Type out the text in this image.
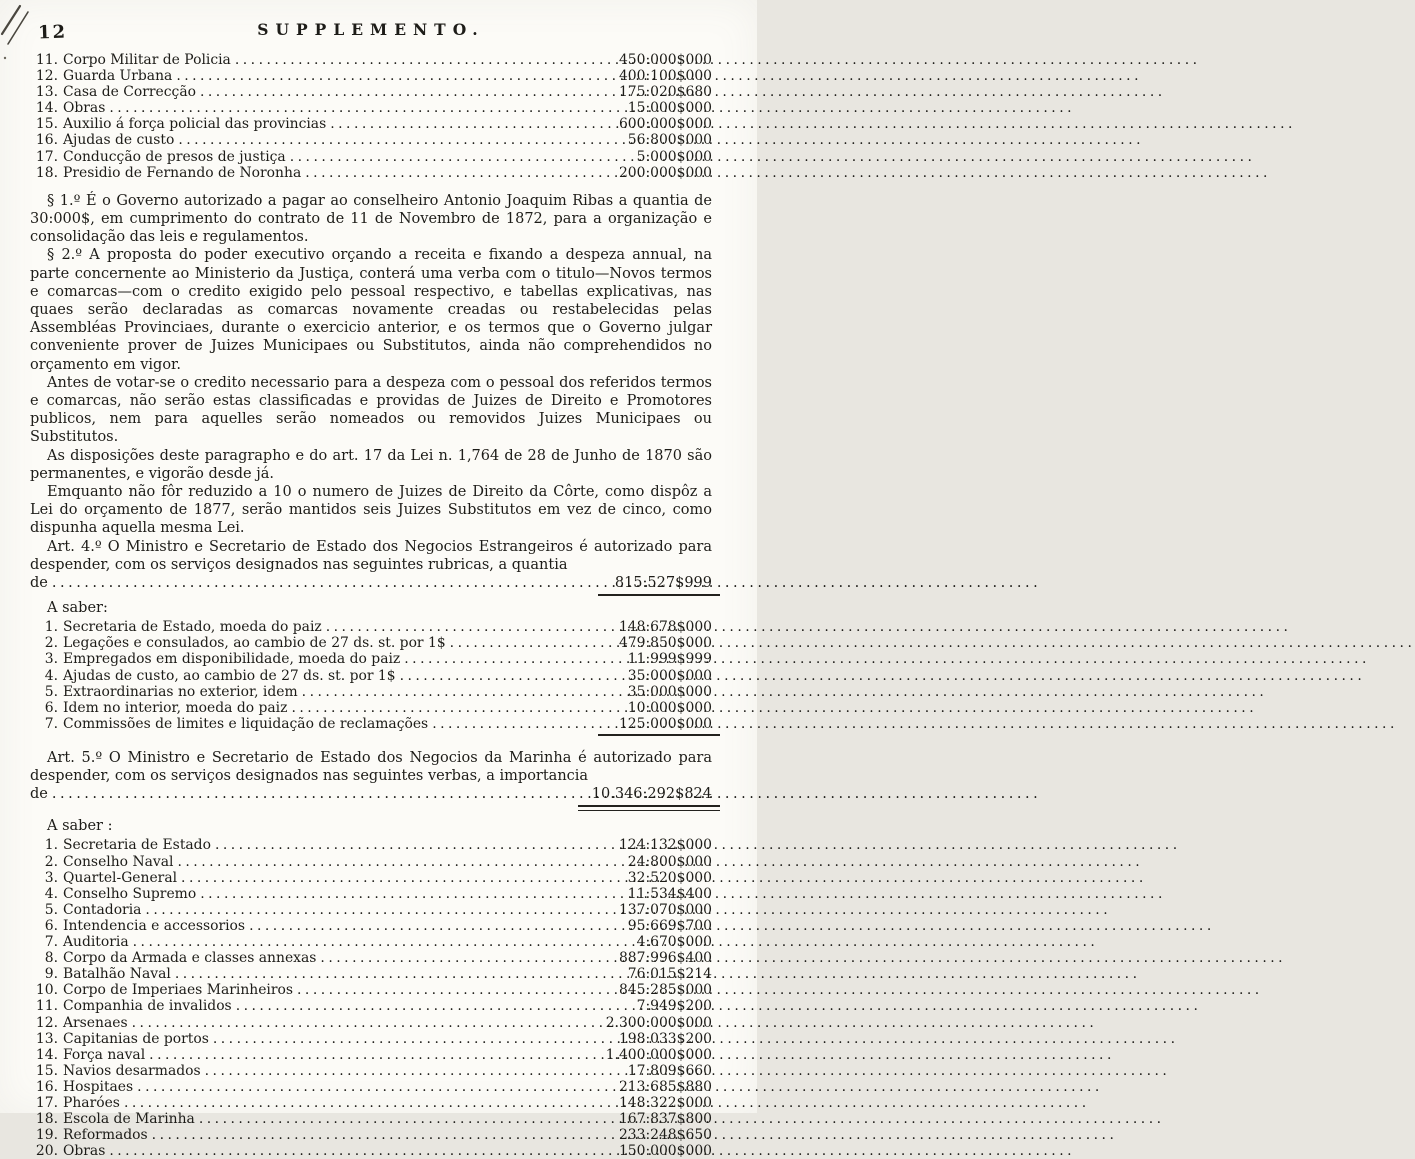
12	SUPPLEMENTO.
11. Corpo Militar de Policia .....	450:000$000
12. Guarda Urbana .....	400:100$000
13. Casa de Correcção .....	175:020$680
14. Obras .....	15:000$000
15. Auxilio á força policial das provincias .....	600:000$000
16. Ajudas de custo .....	56:800$000
17. Conducção de presos de justiça .....	5:000$000
18. Presidio de Fernando de Noronha .....	200:000$000

§ 1.º É o Governo autorizado a pagar ao conselheiro Antonio Joaquim Ribas a quantia de 30:000$, em cumprimento do contrato de 11 de Novembro de 1872, para a organização e consolidação das leis e regulamentos.

§ 2.º A proposta do poder executivo orçando a receita e fixando a despeza annual, na parte concernente ao Ministerio da Justiça, conterá uma verba com o titulo—Novos termos e comarcas—com o credito exigido pelo pessoal respectivo, e tabellas explicativas, nas quaes serão declaradas as comarcas novamente creadas ou restabelecidas pelas Assembléas Provinciaes, durante o exercicio anterior, e os termos que o Governo julgar conveniente prover de Juizes Municipaes ou Substitutos, ainda não comprehendidos no orçamento em vigor.

Antes de votar-se o credito necessario para a despeza com o pessoal dos referidos termos e comarcas, não serão estas classificadas e providas de Juizes de Direito e Promotores publicos, nem para aquelles serão nomeados ou removidos Juizes Municipaes ou Substitutos.

As disposições deste paragrapho e do art. 17 da Lei n. 1,764 de 28 de Junho de 1870 são permanentes, e vigorão desde já.

Emquanto não fôr reduzido a 10 o numero de Juizes de Direito da Côrte, como dispôz a Lei do orçamento de 1877, serão mantidos seis Juizes Substitutos em vez de cinco, como dispunha aquella mesma Lei.

Art. 4.º O Ministro e Secretario de Estado dos Negocios Estrangeiros é autorizado para despender, com os serviços designados nas seguintes rubricas, a quantia

de .....	815:527$999

A saber:

1. Secretaria de Estado, moeda do paiz .....	148:678$000
2. Legações e consulados, ao cambio de 27 ds. st. por 1$ .....	479:850$000
3. Empregados em disponibilidade, moeda do paiz .....	11:999$999
4. Ajudas de custo, ao cambio de 27 ds. st. por 1$ .....	35:000$000
5. Extraordinarias no exterior, idem .....	35:000$000
6. Idem no interior, moeda do paiz .....	10:000$000
7. Commissões de limites e liquidação de reclamações .....	125:000$000

Art. 5.º O Ministro e Secretario de Estado dos Negocios da Marinha é autorizado para despender, com os serviços designados nas seguintes verbas, a importancia

de .....	10.346:292$824

A saber :

1. Secretaria de Estado .....	124:132$000
2. Conselho Naval .....	24:800$000
3. Quartel-General .....	32:520$000
4. Conselho Supremo .....	11:534$400
5. Contadoria .....	137:070$000
6. Intendencia e accessorios .....	95:669$700
7. Auditoria .....	4:670$000
8. Corpo da Armada e classes annexas .....	887:996$400
9. Batalhão Naval .....	76:015$214
10. Corpo de Imperiaes Marinheiros .....	845:285$000
11. Companhia de invalidos .....	7:949$200
12. Arsenaes .....	2.300:000$000
13. Capitanias de portos .....	198:033$200
14. Força naval .....	1.400:000$000
15. Navios desarmados .....	17:809$660
16. Hospitaes .....	213:685$880
17. Pharóes .....	148:322$000
18. Escola de Marinha .....	167:837$800
19. Reformados .....	233:248$650
20. Obras .....	150:000$000
